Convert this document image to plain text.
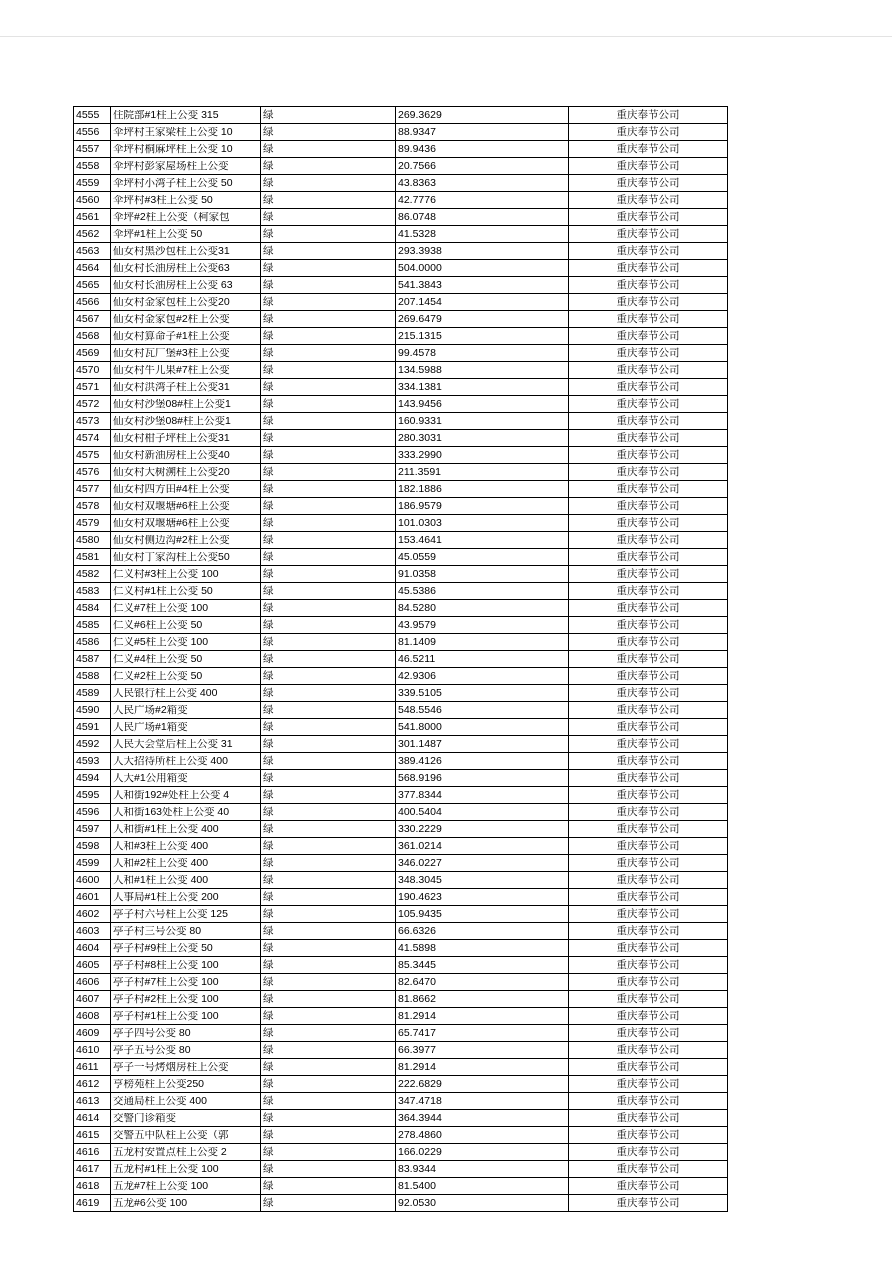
4555	住院部#1柱上公变 315	绿	269.3629	重庆奉节公司
4556	伞坪村王家梁柱上公变 10	绿	88.9347	重庆奉节公司
4557	伞坪村桐麻坪柱上公变 10	绿	89.9436	重庆奉节公司
4558	伞坪村彭家屋场柱上公变	绿	20.7566	重庆奉节公司
4559	伞坪村小湾子柱上公变 50	绿	43.8363	重庆奉节公司
4560	伞坪村#3柱上公变 50	绿	42.7776	重庆奉节公司
4561	伞坪#2柱上公变（柯家包	绿	86.0748	重庆奉节公司
4562	伞坪#1柱上公变 50	绿	41.5328	重庆奉节公司
4563	仙女村黑沙包柱上公变31	绿	293.3938	重庆奉节公司
4564	仙女村长油房柱上公变63	绿	504.0000	重庆奉节公司
4565	仙女村长油房柱上公变 63	绿	541.3843	重庆奉节公司
4566	仙女村金家包柱上公变20	绿	207.1454	重庆奉节公司
4567	仙女村金家包#2柱上公变	绿	269.6479	重庆奉节公司
4568	仙女村算命子#1柱上公变	绿	215.1315	重庆奉节公司
4569	仙女村瓦厂堡#3柱上公变	绿	99.4578	重庆奉节公司
4570	仙女村牛儿果#7柱上公变	绿	134.5988	重庆奉节公司
4571	仙女村洪湾子柱上公变31	绿	334.1381	重庆奉节公司
4572	仙女村沙堡08#柱上公变1	绿	143.9456	重庆奉节公司
4573	仙女村沙堡08#柱上公变1	绿	160.9331	重庆奉节公司
4574	仙女村柑子坪柱上公变31	绿	280.3031	重庆奉节公司
4575	仙女村新油房柱上公变40	绿	333.2990	重庆奉节公司
4576	仙女村大树溯柱上公变20	绿	211.3591	重庆奉节公司
4577	仙女村四方田#4柱上公变	绿	182.1886	重庆奉节公司
4578	仙女村双堰塘#6柱上公变	绿	186.9579	重庆奉节公司
4579	仙女村双堰塘#6柱上公变	绿	101.0303	重庆奉节公司
4580	仙女村侧边沟#2柱上公变	绿	153.4641	重庆奉节公司
4581	仙女村丁家沟柱上公变50	绿	45.0559	重庆奉节公司
4582	仁义村#3柱上公变 100	绿	91.0358	重庆奉节公司
4583	仁义村#1柱上公变 50	绿	45.5386	重庆奉节公司
4584	仁义#7柱上公变 100	绿	84.5280	重庆奉节公司
4585	仁义#6柱上公变 50	绿	43.9579	重庆奉节公司
4586	仁义#5柱上公变 100	绿	81.1409	重庆奉节公司
4587	仁义#4柱上公变 50	绿	46.5211	重庆奉节公司
4588	仁义#2柱上公变 50	绿	42.9306	重庆奉节公司
4589	人民银行柱上公变 400	绿	339.5105	重庆奉节公司
4590	人民广场#2箱变	绿	548.5546	重庆奉节公司
4591	人民广场#1箱变	绿	541.8000	重庆奉节公司
4592	人民大会堂后柱上公变 31	绿	301.1487	重庆奉节公司
4593	人大招待所柱上公变 400	绿	389.4126	重庆奉节公司
4594	人大#1公用箱变	绿	568.9196	重庆奉节公司
4595	人和街192#处柱上公变 4	绿	377.8344	重庆奉节公司
4596	人和街163处柱上公变 40	绿	400.5404	重庆奉节公司
4597	人和街#1柱上公变 400	绿	330.2229	重庆奉节公司
4598	人和#3柱上公变 400	绿	361.0214	重庆奉节公司
4599	人和#2柱上公变 400	绿	346.0227	重庆奉节公司
4600	人和#1柱上公变 400	绿	348.3045	重庆奉节公司
4601	人事局#1柱上公变 200	绿	190.4623	重庆奉节公司
4602	亭子村六号柱上公变 125	绿	105.9435	重庆奉节公司
4603	亭子村三号公变 80	绿	66.6326	重庆奉节公司
4604	亭子村#9柱上公变 50	绿	41.5898	重庆奉节公司
4605	亭子村#8柱上公变 100	绿	85.3445	重庆奉节公司
4606	亭子村#7柱上公变 100	绿	82.6470	重庆奉节公司
4607	亭子村#2柱上公变 100	绿	81.8662	重庆奉节公司
4608	亭子村#1柱上公变 100	绿	81.2914	重庆奉节公司
4609	亭子四号公变 80	绿	65.7417	重庆奉节公司
4610	亭子五号公变 80	绿	66.3977	重庆奉节公司
4611	亭子一号烤烟房柱上公变	绿	81.2914	重庆奉节公司
4612	亨榜苑柱上公变250	绿	222.6829	重庆奉节公司
4613	交通局柱上公变 400	绿	347.4718	重庆奉节公司
4614	交警门诊箱变	绿	364.3944	重庆奉节公司
4615	交警五中队柱上公变（郭	绿	278.4860	重庆奉节公司
4616	五龙村安置点柱上公变 2	绿	166.0229	重庆奉节公司
4617	五龙村#1柱上公变 100	绿	83.9344	重庆奉节公司
4618	五龙#7柱上公变 100	绿	81.5400	重庆奉节公司
4619	五龙#6公变 100	绿	92.0530	重庆奉节公司
